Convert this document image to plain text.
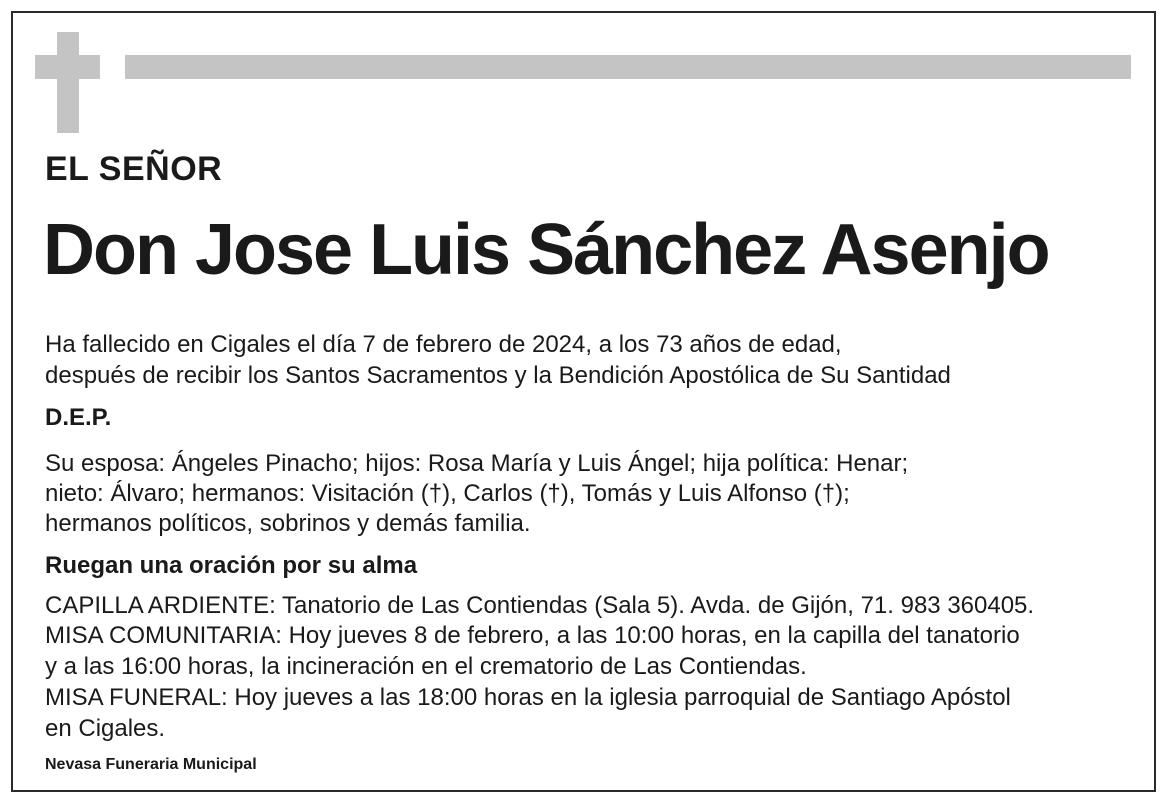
EL SEÑOR
Don Jose Luis Sánchez Asenjo
Ha fallecido en Cigales el día 7 de febrero de 2024, a los 73 años de edad,
después de recibir los Santos Sacramentos y la Bendición Apostólica de Su Santidad
D.E.P.
Su esposa: Ángeles Pinacho; hijos: Rosa María y Luis Ángel; hija política: Henar;
nieto: Álvaro; hermanos: Visitación (†), Carlos (†), Tomás y Luis Alfonso (†);
hermanos políticos, sobrinos y demás familia.
Ruegan una oración por su alma
CAPILLA ARDIENTE: Tanatorio de Las Contiendas (Sala 5). Avda. de Gijón, 71. 983 360405.
MISA COMUNITARIA: Hoy jueves 8 de febrero, a las 10:00 horas, en la capilla del tanatorio
y a las 16:00 horas, la incineración en el crematorio de Las Contiendas.
MISA FUNERAL: Hoy jueves a las 18:00 horas en la iglesia parroquial de Santiago Apóstol
en Cigales.
Nevasa Funeraria Municipal
